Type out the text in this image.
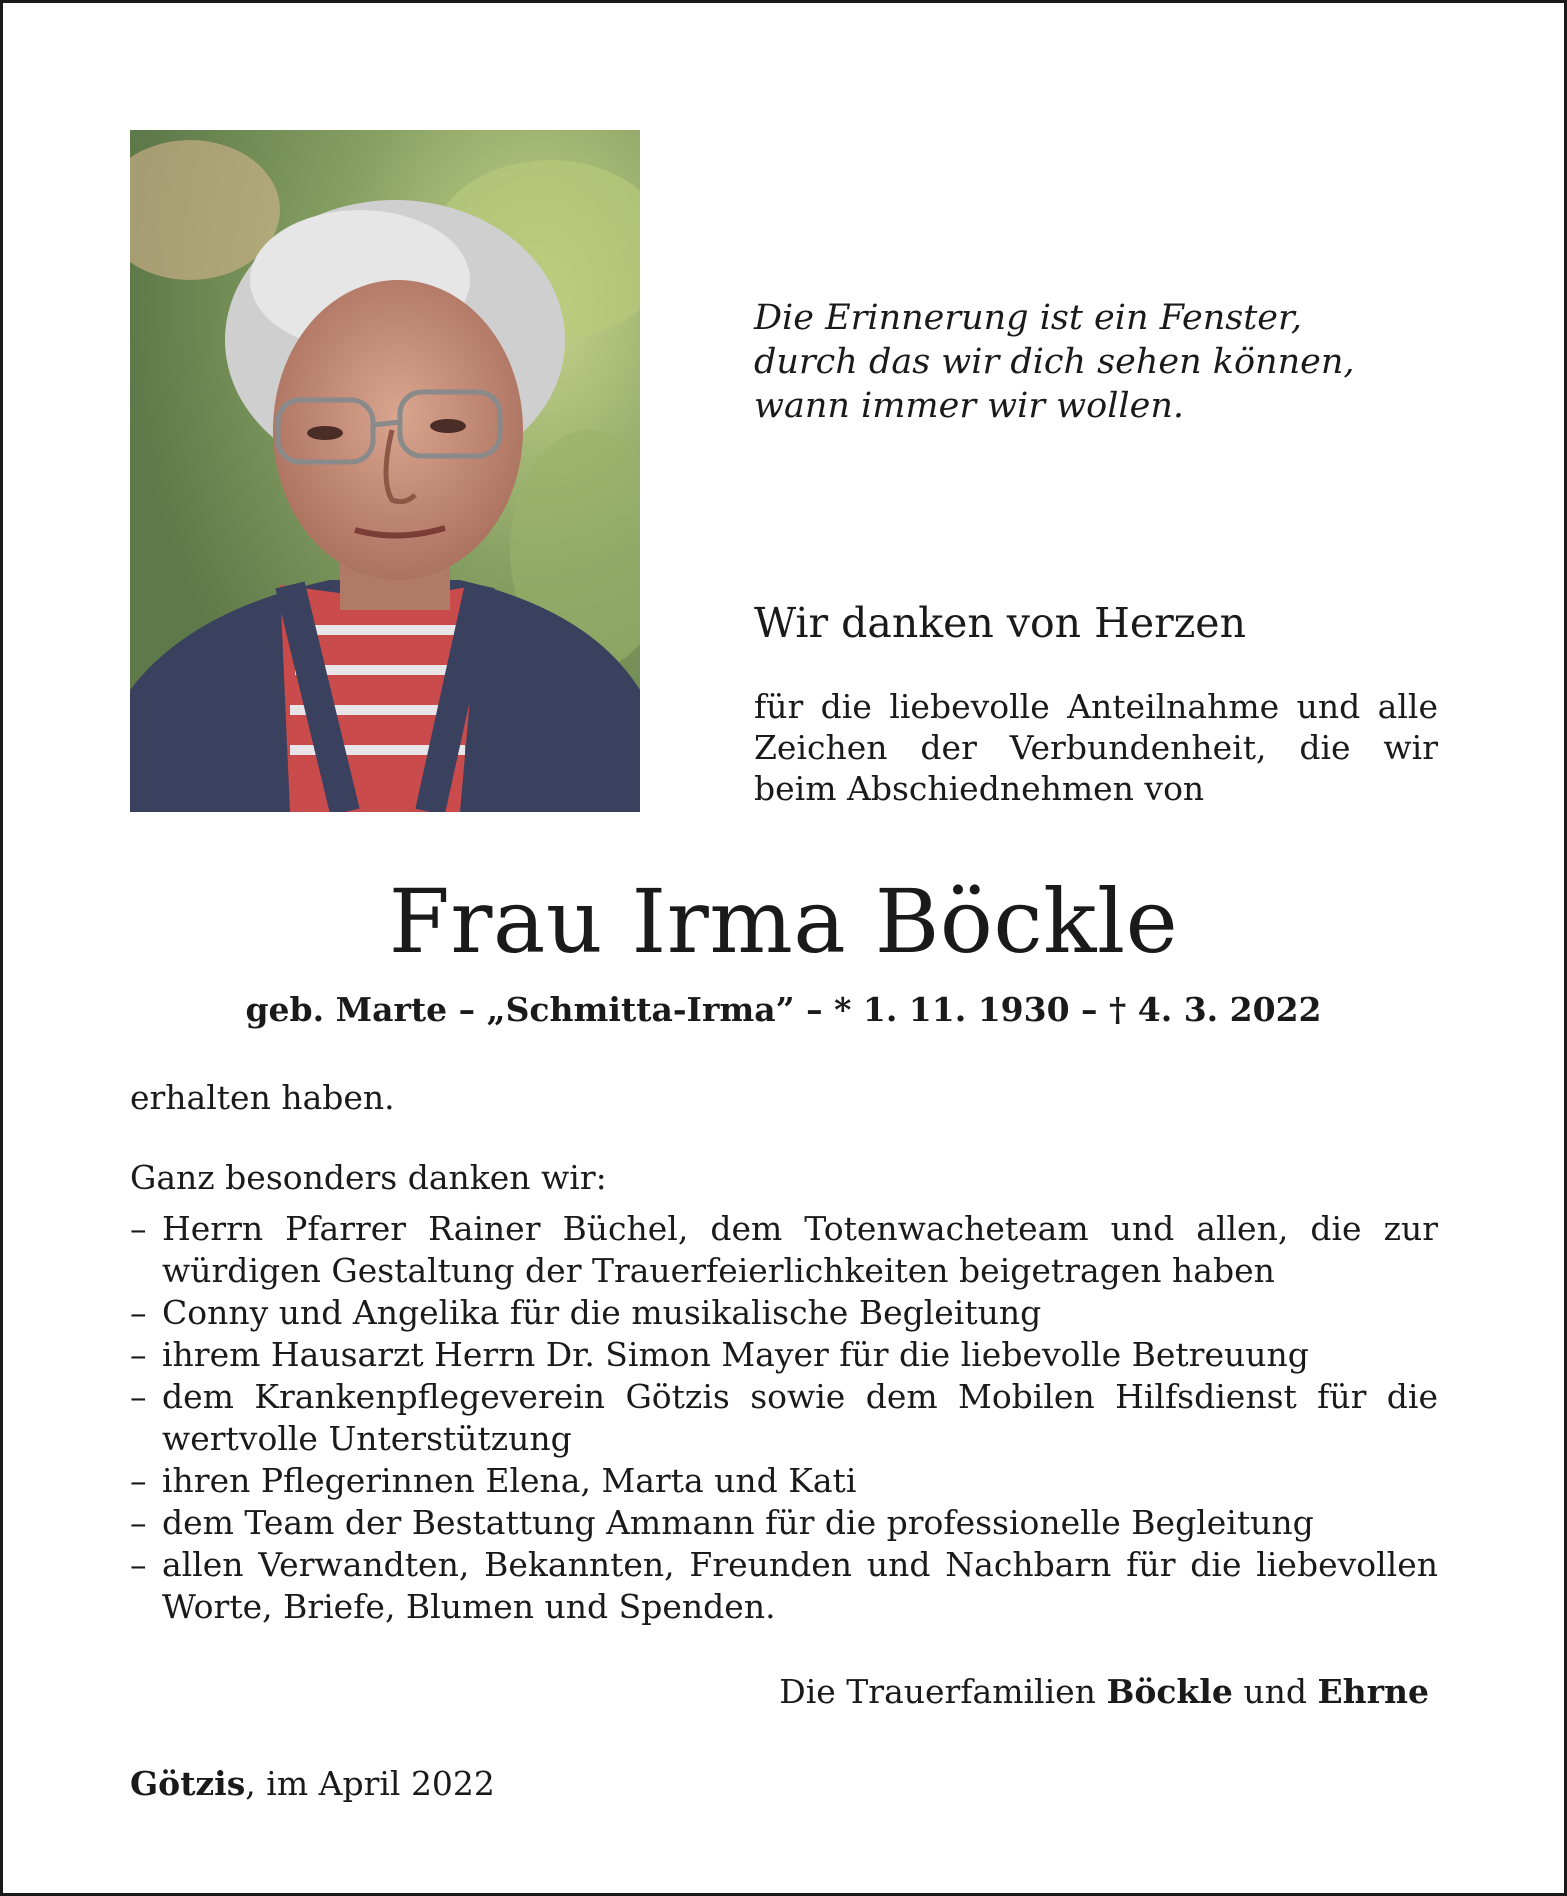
Die Erinnerung ist ein Fenster,
durch das wir dich sehen können,
wann immer wir wollen.
Wir danken von Herzen
für die liebevolle Anteilnahme und alle Zeichen der Verbundenheit, die wir beim Abschiednehmen von
Frau Irma Böckle
geb. Marte – „Schmitta-Irma” – * 1. 11. 1930 – † 4. 3. 2022
erhalten haben.
Ganz besonders danken wir:
– Herrn Pfarrer Rainer Büchel, dem Totenwacheteam und allen, die zur würdigen Gestaltung der Trauerfeierlichkeiten beigetragen haben
– Conny und Angelika für die musikalische Begleitung
– ihrem Hausarzt Herrn Dr. Simon Mayer für die liebevolle Betreuung
– dem Krankenpflegeverein Götzis sowie dem Mobilen Hilfsdienst für die wertvolle Unterstützung
– ihren Pflegerinnen Elena, Marta und Kati
– dem Team der Bestattung Ammann für die professionelle Begleitung
– allen Verwandten, Bekannten, Freunden und Nachbarn für die liebevollen Worte, Briefe, Blumen und Spenden.
Die Trauerfamilien Böckle und Ehrne
Götzis, im April 2022
